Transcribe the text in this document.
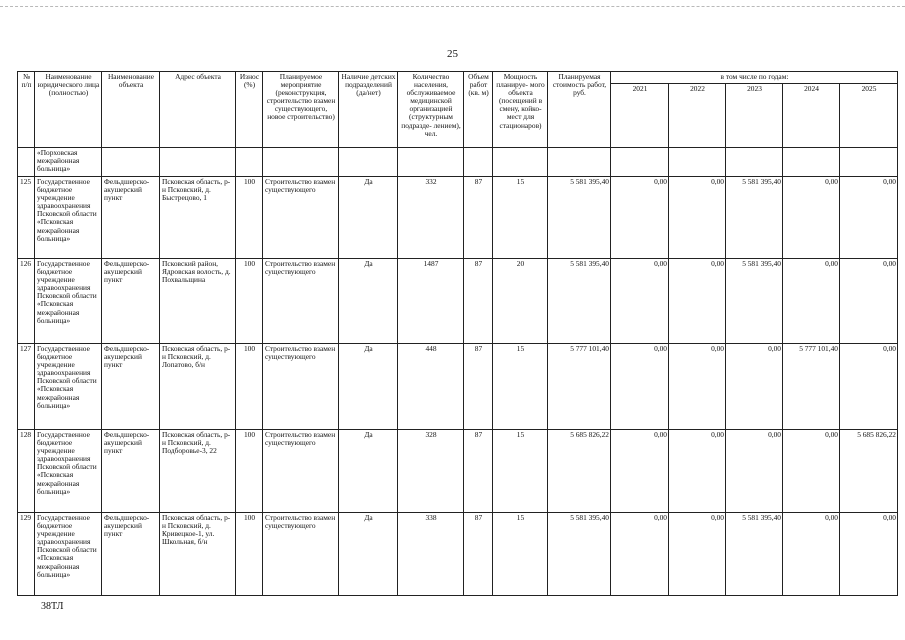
25
№ п/п	Наименование юридического лица (полностью)	Наименование объекта	Адрес объекта	Износ (%)	Планируемое мероприятие (реконструкция, строительство взамен существующего, новое строительство)	Наличие детских подразделений (да/нет)	Количество населения, обслуживаемое медицинской организацией (структурным подразде- лением), чел.	Объем работ (кв. м)	Мощность планируе- мого объекта (посещений в смену, койко-мест для стационаров)	Планируемая стоимость работ, руб.	в том числе по годам:				
											2021	2022	2023	2024	2025
	«Порховская межрайонная больница»														
125	Государственное бюджетное учреждение здравоохранения Псковской области «Псковская межрайонная больница»	Фельдшерско- акушерский пункт	Псковская область, р-н Псковский, д. Быстрецово, 1	100	Строительство взамен существующего	Да	332	87	15	5 581 395,40	0,00	0,00	5 581 395,40	0,00	0,00
126	Государственное бюджетное учреждение здравоохранения Псковской области «Псковская межрайонная больница»	Фельдшерско- акушерский пункт	Псковский район, Ядровская волость, д. Похвальщина	100	Строительство взамен существующего	Да	1487	87	20	5 581 395,40	0,00	0,00	5 581 395,40	0,00	0,00
127	Государственное бюджетное учреждение здравоохранения Псковской области «Псковская межрайонная больница»	Фельдшерско- акушерский пункт	Псковская область, р-н Псковский, д. Лопатово, б/н	100	Строительство взамен существующего	Да	448	87	15	5 777 101,40	0,00	0,00	0,00	5 777 101,40	0,00
128	Государственное бюджетное учреждение здравоохранения Псковской области «Псковская межрайонная больница»	Фельдшерско- акушерский пункт	Псковская область, р-н Псковский, д. Подборовье-3, 22	100	Строительство взамен существующего	Да	328	87	15	5 685 826,22	0,00	0,00	0,00	0,00	5 685 826,22
129	Государственное бюджетное учреждение здравоохранения Псковской области «Псковская межрайонная больница»	Фельдшерско- акушерский пункт	Псковская область, р-н Псковский, д. Кривецкое-1, ул. Школьная, б/н	100	Строительство взамен существующего	Да	338	87	15	5 581 395,40	0,00	0,00	5 581 395,40	0,00	0,00
38ТЛ
